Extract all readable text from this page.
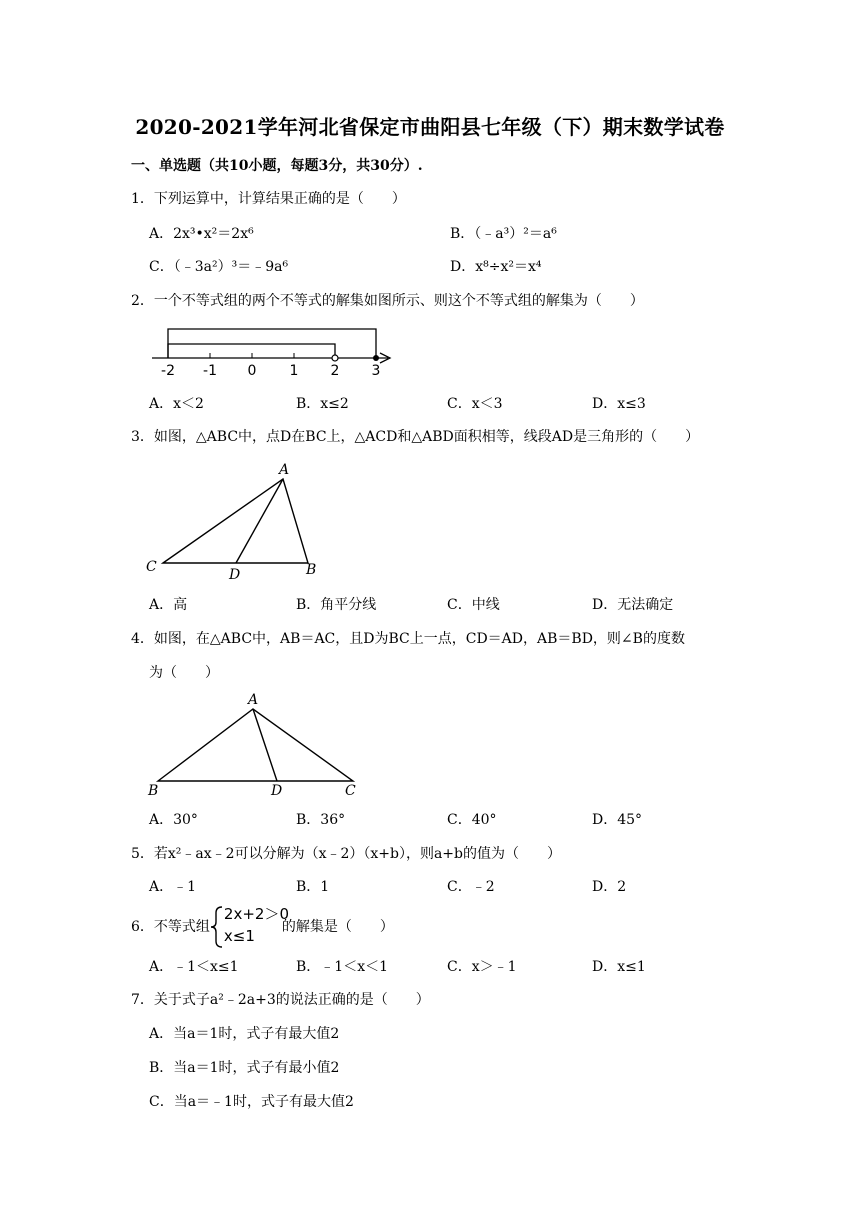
2020-2021学年河北省保定市曲阳县七年级（下）期末数学试卷
一、单选题（共10小题，每题3分，共30分）.
1．下列运算中，计算结果正确的是（　　）
A．2x³•x²＝2x⁶	B．（﹣a³）²＝a⁶
C．（﹣3a²）³＝﹣9a⁶	D．x⁸÷x²＝x⁴
2．一个不等式组的两个不等式的解集如图所示、则这个不等式组的解集为（　　）
-2 -1 0 1 2 3
A．x＜2	B．x≤2	C．x＜3	D．x≤3
3．如图，△ABC中，点D在BC上，△ACD和△ABD面积相等，线段AD是三角形的（　　）
A
C	D	B
A．高	B．角平分线	C．中线	D．无法确定
4．如图，在△ABC中，AB＝AC，且D为BC上一点，CD＝AD，AB＝BD，则∠B的度数
为（　　）
A
B	D	C
A．30°	B．36°	C．40°	D．45°
5．若x²﹣ax﹣2可以分解为（x﹣2）（x+b），则a+b的值为（　　）
A．﹣1	B．1	C．﹣2	D．2
6．不等式组
2x+2＞0
x≤1 的解集是（　　）
A．﹣1＜x≤1	B．﹣1＜x＜1	C．x＞﹣1	D．x≤1
7．关于式子a²﹣2a+3的说法正确的是（　　）
A．当a＝1时，式子有最大值2
B．当a＝1时，式子有最小值2
C．当a＝﹣1时，式子有最大值2
